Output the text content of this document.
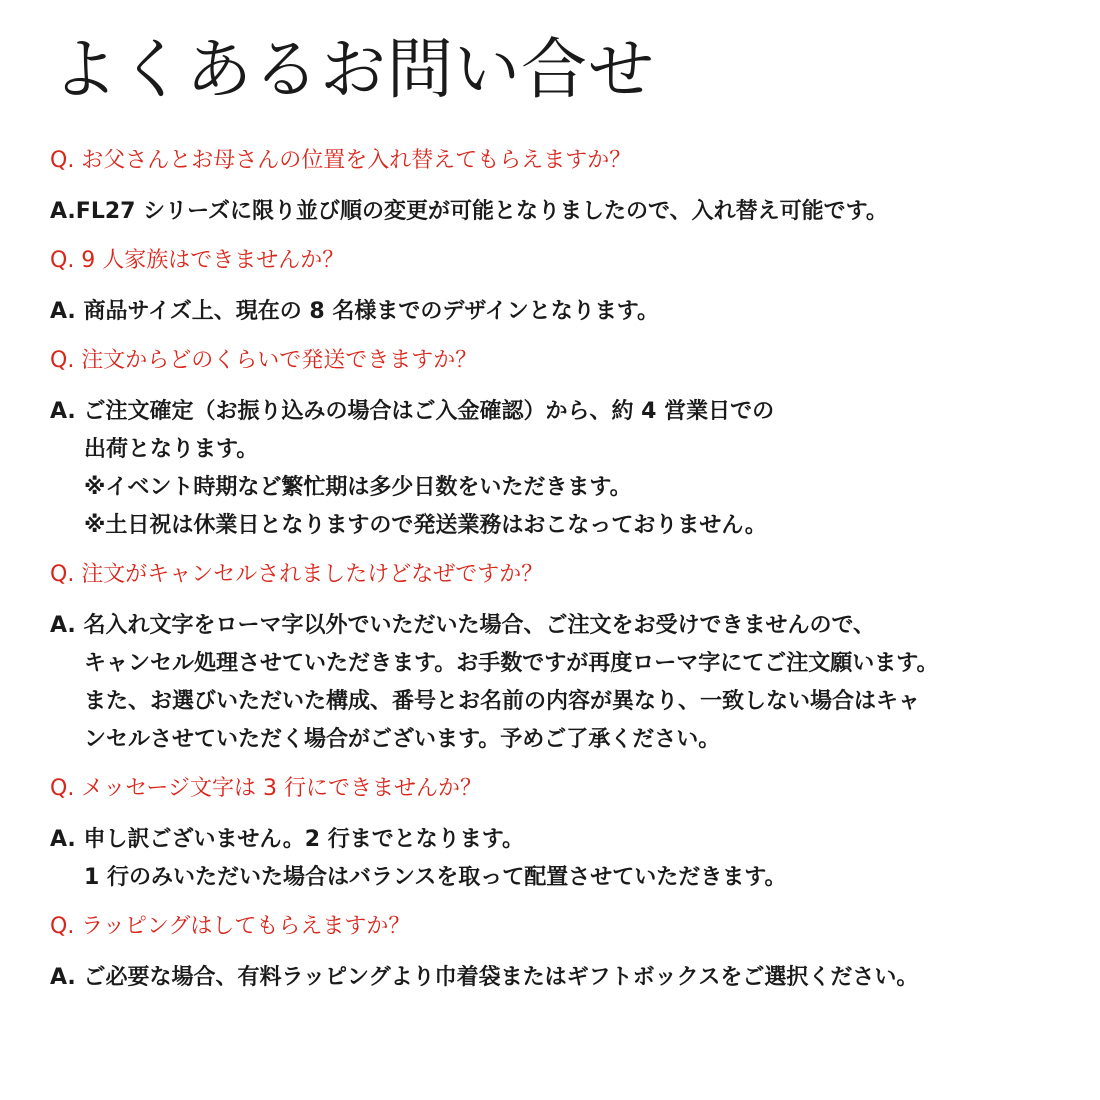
よくあるお問い合せ

Q. お父さんとお母さんの位置を入れ替えてもらえますか？

A.FL27 シリーズに限り並び順の変更が可能となりましたので、入れ替え可能です。

Q. 9 人家族はできませんか？

A. 商品サイズ上、現在の 8 名様までのデザインとなります。

Q. 注文からどのくらいで発送できますか？

A. ご注文確定（お振り込みの場合はご入金確認）から、約 4 営業日での
出荷となります。
※イベント時期など繁忙期は多少日数をいただきます。
※土日祝は休業日となりますので発送業務はおこなっておりません。

Q. 注文がキャンセルされましたけどなぜですか？

A. 名入れ文字をローマ字以外でいただいた場合、ご注文をお受けできませんので、
キャンセル処理させていただきます。お手数ですが再度ローマ字にてご注文願います。
また、お選びいただいた構成、番号とお名前の内容が異なり、一致しない場合はキャ
ンセルさせていただく場合がございます。予めご了承ください。

Q. メッセージ文字は 3 行にできませんか？

A. 申し訳ございません。2 行までとなります。
1 行のみいただいた場合はバランスを取って配置させていただきます。

Q. ラッピングはしてもらえますか？

A. ご必要な場合、有料ラッピングより巾着袋またはギフトボックスをご選択ください。
